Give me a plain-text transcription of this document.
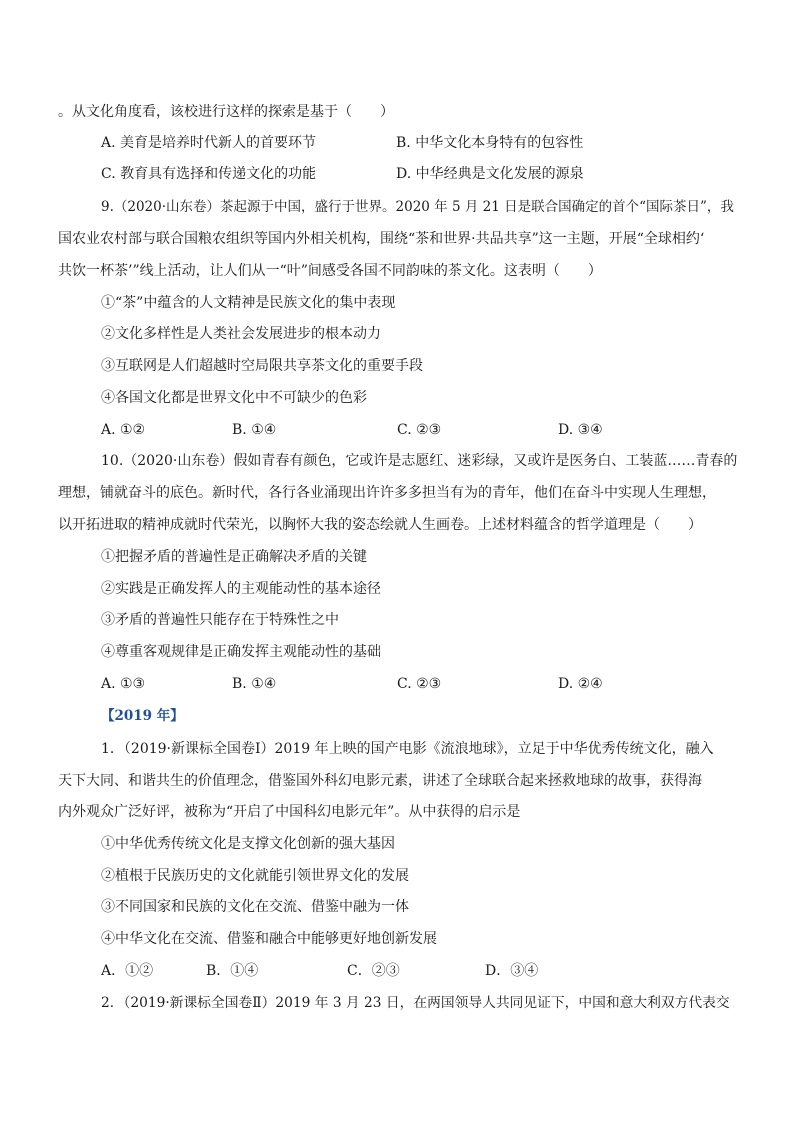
。从文化角度看，该校进行这样的探索是基于（　　）
A. 美育是培养时代新人的首要环节	B. 中华文化本身特有的包容性
C. 教育具有选择和传递文化的功能	D. 中华经典是文化发展的源泉
9.（2020·山东卷）茶起源于中国，盛行于世界。2020 年 5 月 21 日是联合国确定的首个“国际茶日”，我
国农业农村部与联合国粮农组织等国内外相关机构，围绕“茶和世界·共品共享”这一主题，开展“全球相约‘
共饮一杯茶’”线上活动，让人们从一“叶”间感受各国不同韵味的茶文化。这表明（　　）
①“茶”中蕴含的人文精神是民族文化的集中表现
②文化多样性是人类社会发展进步的根本动力
③互联网是人们超越时空局限共享茶文化的重要手段
④各国文化都是世界文化中不可缺少的色彩
A. ①②	B. ①④	C. ②③	D. ③④
10.（2020·山东卷）假如青春有颜色，它或许是志愿红、迷彩绿，又或许是医务白、工装蓝……青春的
理想，铺就奋斗的底色。新时代，各行各业涌现出许许多多担当有为的青年，他们在奋斗中实现人生理想，
以开拓进取的精神成就时代荣光，以胸怀大我的姿态绘就人生画卷。上述材料蕴含的哲学道理是（　　）
①把握矛盾的普遍性是正确解决矛盾的关键
②实践是正确发挥人的主观能动性的基本途径
③矛盾的普遍性只能存在于特殊性之中
④尊重客观规律是正确发挥主观能动性的基础
A. ①③	B. ①④	C. ②③	D. ②④
【2019 年】
1．（2019·新课标全国卷Ⅰ）2019 年上映的国产电影《流浪地球》，立足于中华优秀传统文化，融入
天下大同、和谐共生的价值理念，借鉴国外科幻电影元素，讲述了全球联合起来拯救地球的故事，获得海
内外观众广泛好评，被称为“开启了中国科幻电影元年”。从中获得的启示是
①中华优秀传统文化是支撑文化创新的强大基因
②植根于民族历史的文化就能引领世界文化的发展
③不同国家和民族的文化在交流、借鉴中融为一体
④中华文化在交流、借鉴和融合中能够更好地创新发展
A．①②	B．①④	C．②③	D．③④
2．（2019·新课标全国卷Ⅱ）2019 年 3 月 23 日，在两国领导人共同见证下，中国和意大利双方代表交
